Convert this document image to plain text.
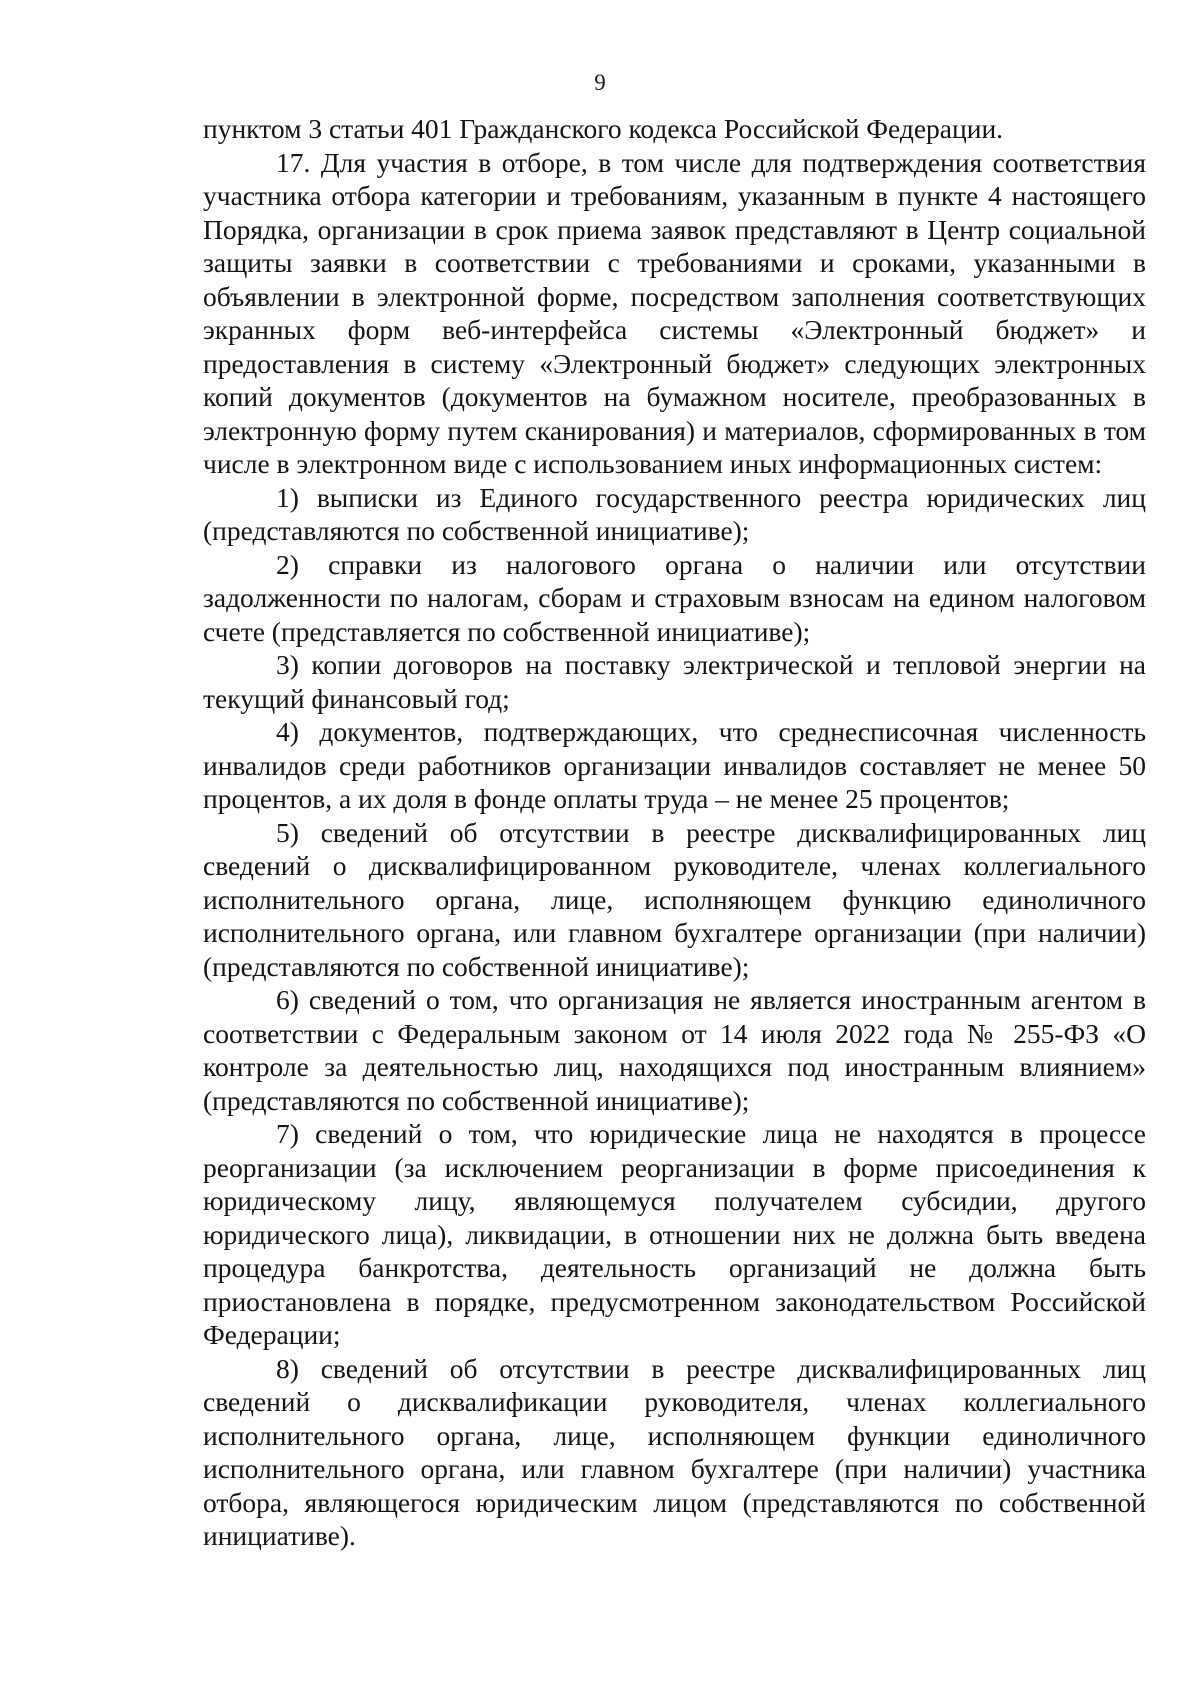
9

пунктом 3 статьи 401 Гражданского кодекса Российской Федерации.

17. Для участия в отборе, в том числе для подтверждения соответствия участника отбора категории и требованиям, указанным в пункте 4 настоящего Порядка, организации в срок приема заявок представляют в Центр социальной защиты заявки в соответствии с требованиями и сроками, указанными в объявлении в электронной форме, посредством заполнения соответствующих экранных форм веб-интерфейса системы «Электронный бюджет» и предоставления в систему «Электронный бюджет» следующих электронных копий документов (документов на бумажном носителе, преобразованных в электронную форму путем сканирования) и материалов, сформированных в том числе в электронном виде с использованием иных информационных систем:

1) выписки из Единого государственного реестра юридических лиц (представляются по собственной инициативе);

2) справки из налогового органа о наличии или отсутствии задолженности по налогам, сборам и страховым взносам на едином налоговом счете (представляется по собственной инициативе);

3) копии договоров на поставку электрической и тепловой энергии на текущий финансовый год;

4) документов, подтверждающих, что среднесписочная численность инвалидов среди работников организации инвалидов составляет не менее 50 процентов, а их доля в фонде оплаты труда – не менее 25 процентов;

5) сведений об отсутствии в реестре дисквалифицированных лиц сведений о дисквалифицированном руководителе, членах коллегиального исполнительного органа, лице, исполняющем функцию единоличного исполнительного органа, или главном бухгалтере организации (при наличии) (представляются по собственной инициативе);

6) сведений о том, что организация не является иностранным агентом в соответствии с Федеральным законом от 14 июля 2022 года № 255-ФЗ «О контроле за деятельностью лиц, находящихся под иностранным влиянием» (представляются по собственной инициативе);

7) сведений о том, что юридические лица не находятся в процессе реорганизации (за исключением реорганизации в форме присоединения к юридическому лицу, являющемуся получателем субсидии, другого юридического лица), ликвидации, в отношении них не должна быть введена процедура банкротства, деятельность организаций не должна быть приостановлена в порядке, предусмотренном законодательством Российской Федерации;

8) сведений об отсутствии в реестре дисквалифицированных лиц сведений о дисквалификации руководителя, членах коллегиального исполнительного органа, лице, исполняющем функции единоличного исполнительного органа, или главном бухгалтере (при наличии) участника отбора, являющегося юридическим лицом (представляются по собственной инициативе).
